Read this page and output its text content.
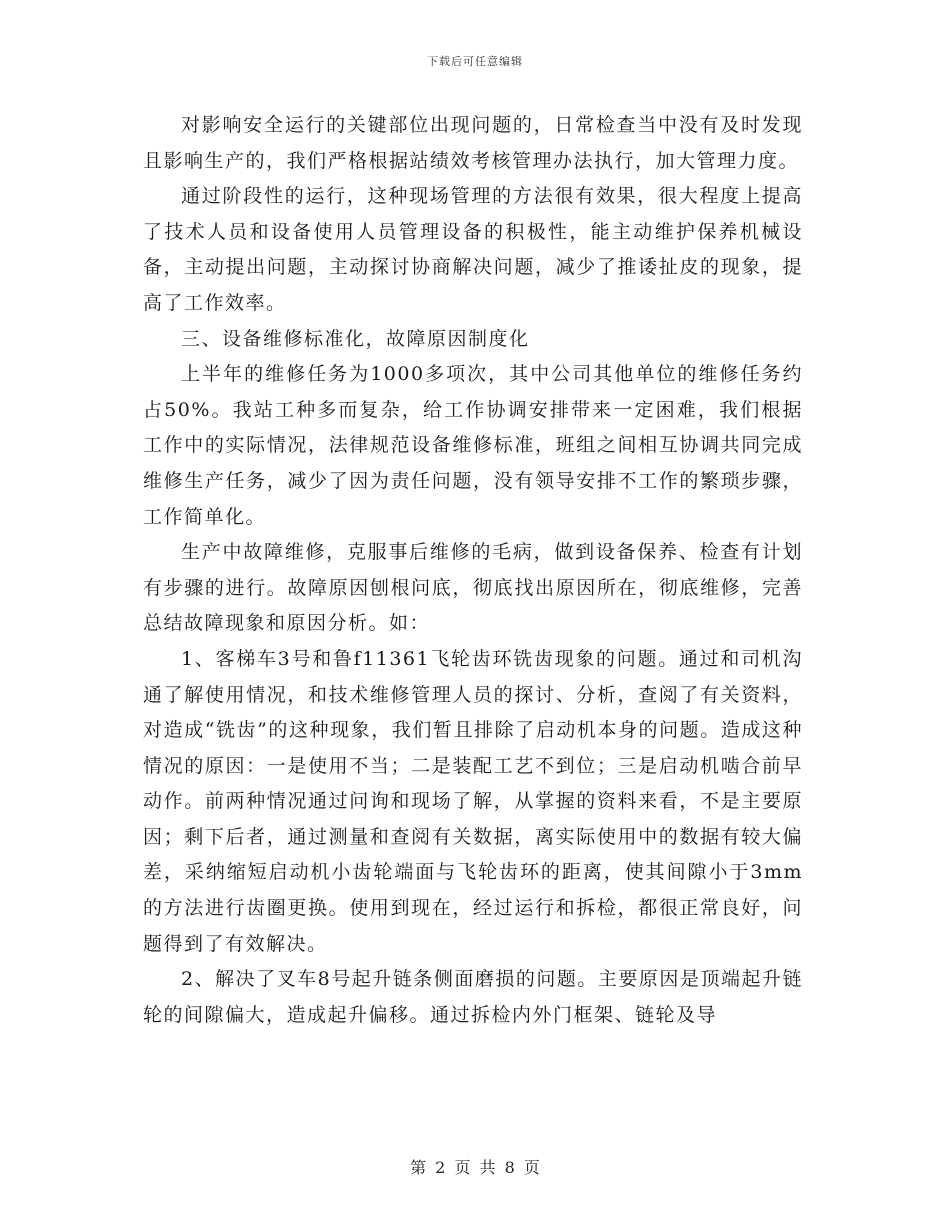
下载后可任意编辑

对影响安全运行的关键部位出现问题的，日常检查当中没有及时发现且影响生产的，我们严格根据站绩效考核管理办法执行，加大管理力度。

通过阶段性的运行，这种现场管理的方法很有效果，很大程度上提高了技术人员和设备使用人员管理设备的积极性，能主动维护保养机械设备，主动提出问题，主动探讨协商解决问题，减少了推诿扯皮的现象，提高了工作效率。

三、设备维修标准化，故障原因制度化

上半年的维修任务为1000多项次，其中公司其他单位的维修任务约占50%。我站工种多而复杂，给工作协调安排带来一定困难，我们根据工作中的实际情况，法律规范设备维修标准，班组之间相互协调共同完成维修生产任务，减少了因为责任问题，没有领导安排不工作的繁琐步骤，工作简单化。

生产中故障维修，克服事后维修的毛病，做到设备保养、检查有计划有步骤的进行。故障原因刨根问底，彻底找出原因所在，彻底维修，完善总结故障现象和原因分析。如：

1、客梯车3号和鲁f11361飞轮齿环铣齿现象的问题。通过和司机沟通了解使用情况，和技术维修管理人员的探讨、分析，查阅了有关资料，对造成“铣齿”的这种现象，我们暂且排除了启动机本身的问题。造成这种情况的原因：一是使用不当；二是装配工艺不到位；三是启动机啮合前早动作。前两种情况通过问询和现场了解，从掌握的资料来看，不是主要原因；剩下后者，通过测量和查阅有关数据，离实际使用中的数据有较大偏差，采纳缩短启动机小齿轮端面与飞轮齿环的距离，使其间隙小于3mm的方法进行齿圈更换。使用到现在，经过运行和拆检，都很正常良好，问题得到了有效解决。

2、解决了叉车8号起升链条侧面磨损的问题。主要原因是顶端起升链轮的间隙偏大，造成起升偏移。通过拆检内外门框架、链轮及导

第 2 页 共 8 页
